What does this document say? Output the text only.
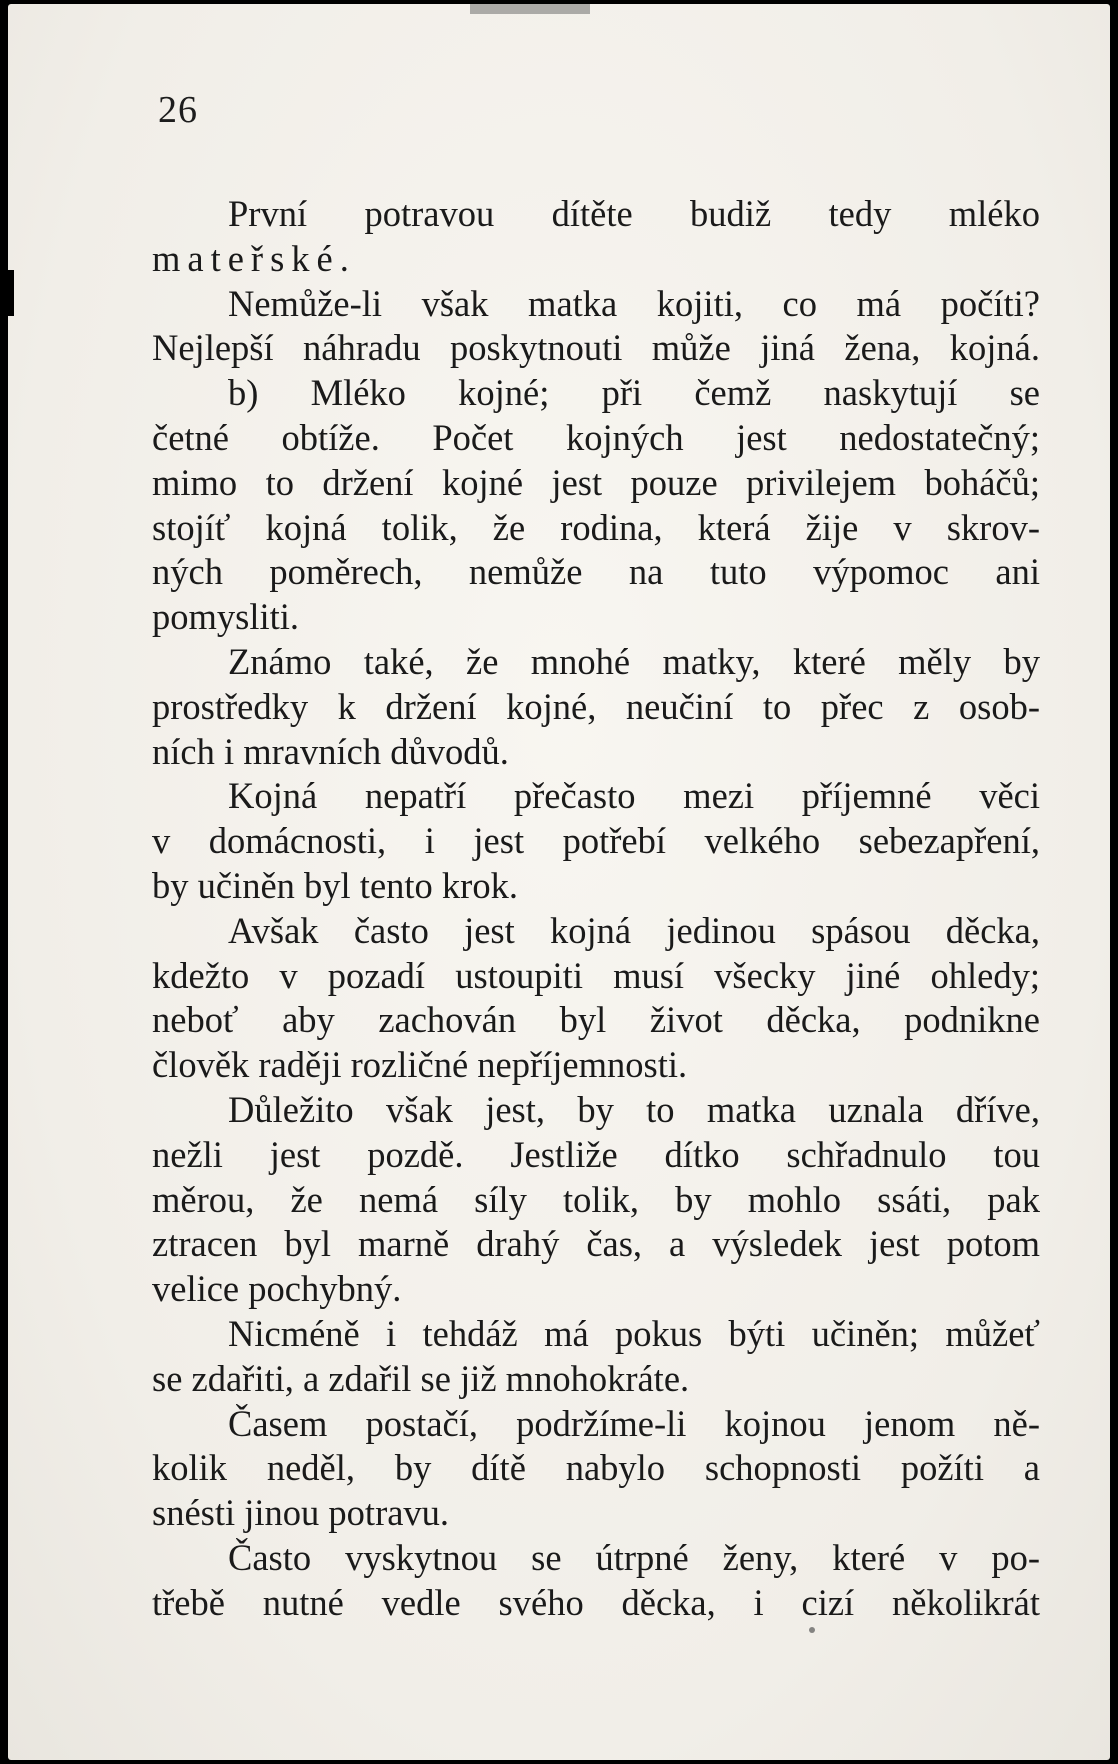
26
První potravou dítěte budiž tedy mléko
mateřské.
Nemůže-li však matka kojiti, co má počíti?
Nejlepší náhradu poskytnouti může jiná žena, kojná.
b) Mléko kojné; při čemž naskytují se
četné obtíže. Počet kojných jest nedostatečný;
mimo to držení kojné jest pouze privilejem boháčů;
stojíť kojná tolik, že rodina, která žije v skrov-
ných poměrech, nemůže na tuto výpomoc ani
pomysliti.
Známo také, že mnohé matky, které měly by
prostředky k držení kojné, neučiní to přec z osob-
ních i mravních důvodů.
Kojná nepatří přečasto mezi příjemné věci
v domácnosti, i jest potřebí velkého sebezapření,
by učiněn byl tento krok.
Avšak často jest kojná jedinou spásou děcka,
kdežto v pozadí ustoupiti musí všecky jiné ohledy;
neboť aby zachován byl život děcka, podnikne
člověk raději rozličné nepříjemnosti.
Důležito však jest, by to matka uznala dříve,
nežli jest pozdě. Jestliže dítko schřadnulo tou
měrou, že nemá síly tolik, by mohlo ssáti, pak
ztracen byl marně drahý čas, a výsledek jest potom
velice pochybný.
Nicméně i tehdáž má pokus býti učiněn; můžeť
se zdařiti, a zdařil se již mnohokráte.
Časem postačí, podržíme-li kojnou jenom ně-
kolik neděl, by dítě nabylo schopnosti požíti a
snésti jinou potravu.
Často vyskytnou se útrpné ženy, které v po-
třebě nutné vedle svého děcka, i cizí několikrát
